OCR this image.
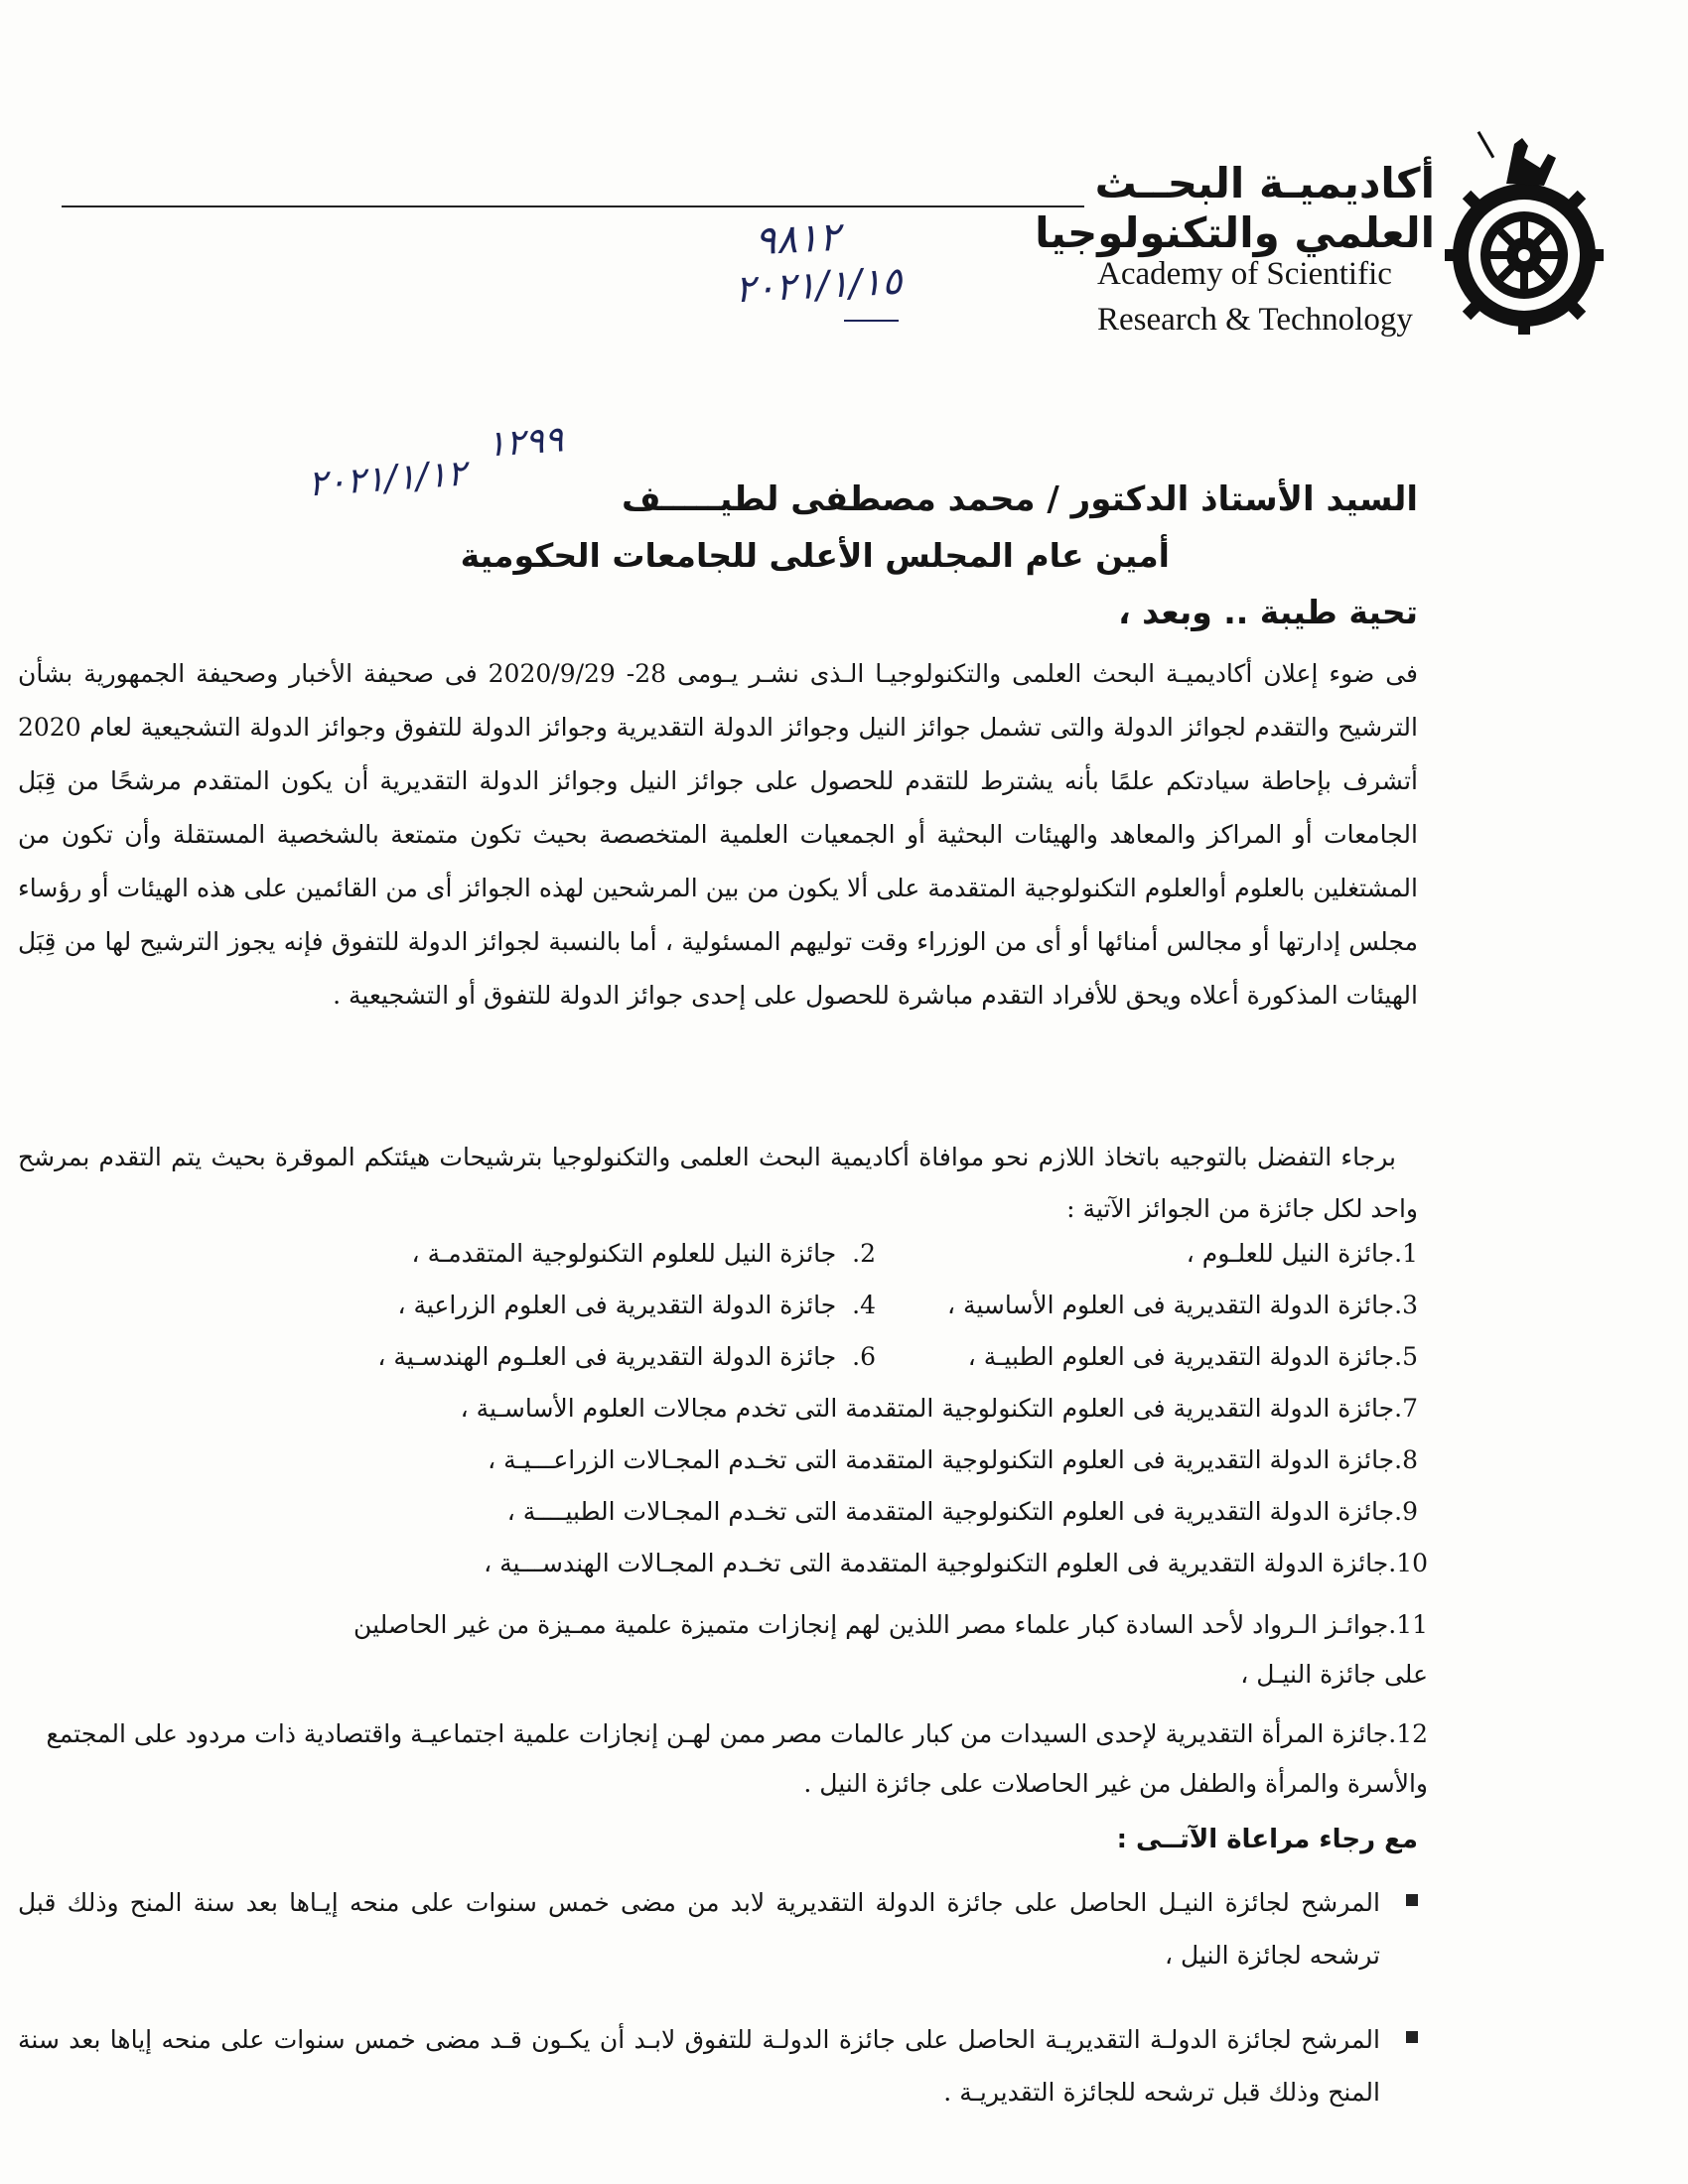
أكاديميـة البحــث
العلمي والتكنولوجيا
Academy of Scientific
Research & Technology
٩٨١٢
٢٠٢١/١/١٥
١٢٩٩
٢٠٢١/١/١٢	السيد الأستاذ الدكتور / محمد مصطفى لطيـــــف
أمين عام المجلس الأعلى للجامعات الحكومية
تحية طيبة .. وبعد ،
فى ضوء إعلان أكاديميـة البحث العلمى والتكنولوجيـا الـذى نشـر يـومى 28- 2020/9/29 فى صحيفة الأخبار وصحيفة الجمهورية بشأن الترشيح والتقدم لجوائز الدولة والتى تشمل جوائز النيل وجوائز الدولة التقديرية وجوائز الدولة للتفوق وجوائز الدولة التشجيعية لعام 2020 أتشرف بإحاطة سيادتكم علمًا بأنه يشترط للتقدم للحصول على جوائز النيل وجوائز الدولة التقديرية أن يكون المتقدم مرشحًا من قِبَل الجامعات أو المراكز والمعاهد والهيئات البحثية أو الجمعيات العلمية المتخصصة بحيث تكون متمتعة بالشخصية المستقلة وأن تكون من المشتغلين بالعلوم أوالعلوم التكنولوجية المتقدمة على ألا يكون من بين المرشحين لهذه الجوائز أى من القائمين على هذه الهيئات أو رؤساء مجلس إدارتها أو مجالس أمنائها أو أى من الوزراء وقت توليهم المسئولية ، أما بالنسبة لجوائز الدولة للتفوق فإنه يجوز الترشيح لها من قِبَل الهيئات المذكورة أعلاه ويحق للأفراد التقدم مباشرة للحصول على إحدى جوائز الدولة للتفوق أو التشجيعية .
برجاء التفضل بالتوجيه باتخاذ اللازم نحو موافاة أكاديمية البحث العلمى والتكنولوجيا بترشيحات هيئتكم الموقرة بحيث يتم التقدم بمرشح واحد لكل جائزة من الجوائز الآتية :
1.جائزة النيل للعلـوم ،
2.  جائزة النيل للعلوم التكنولوجية المتقدمـة ،
3.جائزة الدولة التقديرية فى العلوم الأساسية ،
4.  جائزة الدولة التقديرية فى العلوم الزراعية ،
5.جائزة الدولة التقديرية فى العلوم الطبيـة ،
6.  جائزة الدولة التقديرية فى العلـوم الهندسـية ،
7.جائزة الدولة التقديرية فى العلوم التكنولوجية المتقدمة التى تخدم مجالات العلوم الأساسـية ،
8.جائزة الدولة التقديرية فى العلوم التكنولوجية المتقدمة التى تخـدم المجـالات الزراعـــيـة ،
9.جائزة الدولة التقديرية فى العلوم التكنولوجية المتقدمة التى تخـدم المجـالات الطبيــــة ،
10.جائزة الدولة التقديرية فى العلوم التكنولوجية المتقدمة التى تخـدم المجـالات الهندســـية ،
11.جوائـز الـرواد لأحد السادة كبار علماء مصر اللذين لهم إنجازات متميزة علمية ممـيزة من غير الحاصلين على جائزة النيـل ،
12.جائزة المرأة التقديرية لإحدى السيدات من كبار عالمات مصر ممن لهـن إنجازات علمية اجتماعيـة واقتصادية ذات مردود على المجتمع والأسرة والمرأة والطفل من غير الحاصلات على جائزة النيل .
مع رجاء مراعاة الآتــى :
المرشح لجائزة النيـل الحاصل على جائزة الدولة التقديرية لابد من مضى خمس سنوات على منحه إيـاها بعد سنة المنح وذلك قبل ترشحه لجائزة النيل ،
المرشح لجائزة الدولـة التقديريـة الحاصل على جائزة الدولـة للتفوق لابـد أن يكـون قـد مضى خمس سنوات على منحه إياها بعد سنة المنح وذلك قبل ترشحه للجائزة التقديريـة .
